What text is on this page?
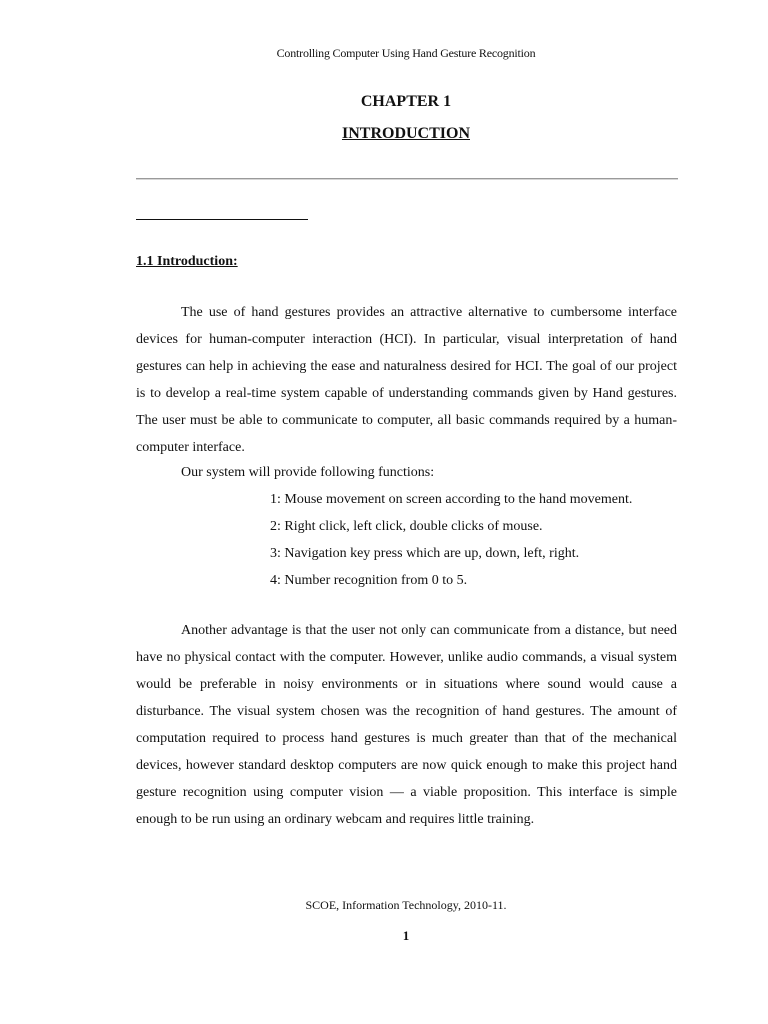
Controlling Computer Using Hand Gesture Recognition
CHAPTER 1
INTRODUCTION
1.1 Introduction:

The use of hand gestures provides an attractive alternative to cumbersome interface devices for human-computer interaction (HCI). In particular, visual interpretation of hand gestures can help in achieving the ease and naturalness desired for HCI. The goal of our project is to develop a real-time system capable of understanding commands given by Hand gestures. The user must be able to communicate to computer, all basic commands required by a human-computer interface.

Our system will provide following functions:
1: Mouse movement on screen according to the hand movement.
2: Right click, left click, double clicks of mouse.
3: Navigation key press which are up, down, left, right.
4: Number recognition from 0 to 5.

Another advantage is that the user not only can communicate from a distance, but need have no physical contact with the computer. However, unlike audio commands, a visual system would be preferable in noisy environments or in situations where sound would cause a disturbance. The visual system chosen was the recognition of hand gestures. The amount of computation required to process hand gestures is much greater than that of the mechanical devices, however standard desktop computers are now quick enough to make this project hand gesture recognition using computer vision — a viable proposition. This interface is simple enough to be run using an ordinary webcam and requires little training.

SCOE, Information Technology, 2010-11.
1
